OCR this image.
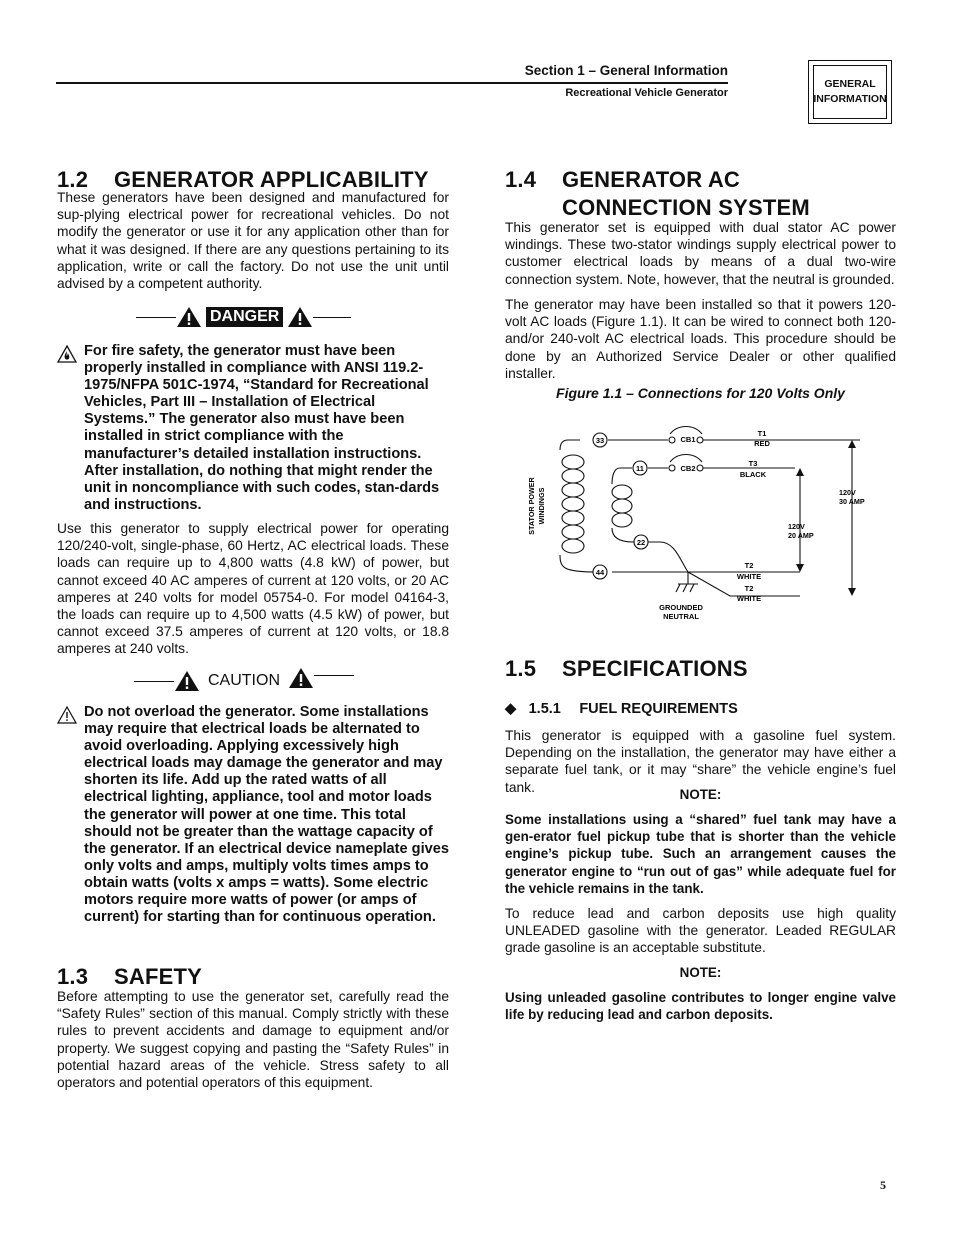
Section 1 – General Information
Recreational Vehicle Generator
GENERAL
INFORMATION
1.2 GENERATOR APPLICABILITY

These generators have been designed and manufactured for sup-plying electrical power for recreational vehicles. Do not modify the generator or use it for any application other than for what it was designed. If there are any questions pertaining to its application, write or call the factory. Do not use the unit until advised by a competent authority.

DANGER

For fire safety, the generator must have been properly installed in compliance with ANSI 119.2-1975/NFPA 501C-1974, “Standard for Recreational Vehicles, Part III – Installation of Electrical Systems.” The generator also must have been installed in strict compliance with the manufacturer’s detailed installation instructions. After installation, do nothing that might render the unit in noncompliance with such codes, stan-dards and instructions.

Use this generator to supply electrical power for operating 120/240-volt, single-phase, 60 Hertz, AC electrical loads. These loads can require up to 4,800 watts (4.8 kW) of power, but cannot exceed 40 AC amperes of current at 120 volts, or 20 AC amperes at 240 volts for model 05754-0. For model 04164-3, the loads can require up to 4,500 watts (4.5 kW) of power, but cannot exceed 37.5 amperes of current at 120 volts, or 18.8 amperes at 240 volts.

CAUTION

Do not overload the generator. Some installations may require that electrical loads be alternated to avoid overloading. Applying excessively high electrical loads may damage the generator and may shorten its life. Add up the rated watts of all electrical lighting, appliance, tool and motor loads the generator will power at one time. This total should not be greater than the wattage capacity of the generator. If an electrical device nameplate gives only volts and amps, multiply volts times amps to obtain watts (volts x amps = watts). Some electric motors require more watts of power (or amps of current) for starting than for continuous operation.

1.3 SAFETY

Before attempting to use the generator set, carefully read the “Safety Rules” section of this manual. Comply strictly with these rules to prevent accidents and damage to equipment and/or property. We suggest copying and pasting the “Safety Rules” in potential hazard areas of the vehicle. Stress safety to all operators and potential operators of this equipment.

1.4 GENERATOR AC
CONNECTION SYSTEM

This generator set is equipped with dual stator AC power windings. These two-stator windings supply electrical power to customer electrical loads by means of a dual two-wire connection system. Note, however, that the neutral is grounded.

The generator may have been installed so that it powers 120-volt AC loads (Figure 1.1). It can be wired to connect both 120- and/or 240-volt AC electrical loads. This procedure should be done by an Authorized Service Dealer or other qualified installer.

Figure 1.1 – Connections for 120 Volts Only
33
11
22
44
STATOR POWER WINDINGS
CB1
CB2
T1
RED
T3
BLACK
T2
WHITE
T2
WHITE
GROUNDED
NEUTRAL
120V
30 AMP
120V
20 AMP
1.5 SPECIFICATIONS
◆ 1.5.1 FUEL REQUIREMENTS

This generator is equipped with a gasoline fuel system. Depending on the installation, the generator may have either a separate fuel tank, or it may “share” the vehicle engine’s fuel tank.	NOTE:

Some installations using a “shared” fuel tank may have a gen-erator fuel pickup tube that is shorter than the vehicle engine’s pickup tube. Such an arrangement causes the generator engine to “run out of gas” while adequate fuel for the vehicle remains in the tank.

To reduce lead and carbon deposits use high quality UNLEADED gasoline with the generator. Leaded REGULAR grade gasoline is an acceptable substitute.

NOTE:

Using unleaded gasoline contributes to longer engine valve life by reducing lead and carbon deposits.

5
